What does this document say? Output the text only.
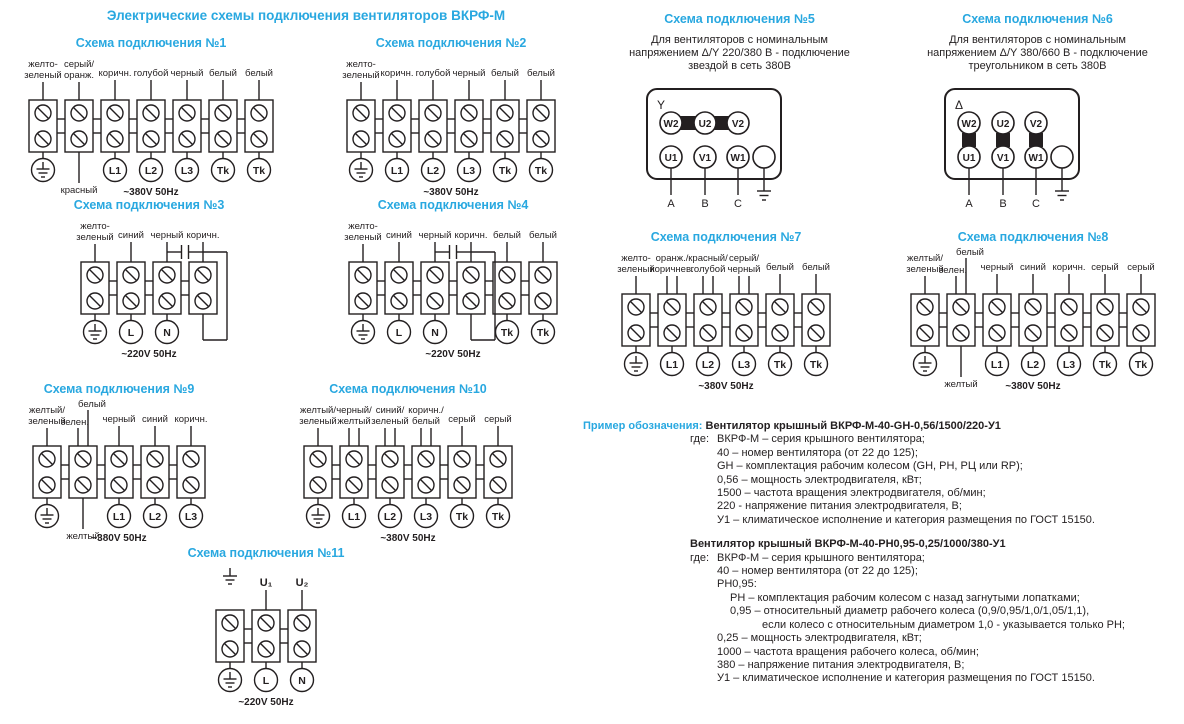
Электрические схемы подключения вентиляторов ВКРФ-М
Схема подключения №1
желто-
зеленый
серый/
оранж.
красный
коричн.
L1
голубой
L2
черный
L3
белый
Tk
белый
Tk
~380V 50Hz
Схема подключения №2
желто-
зеленый коричн.
L1
голубой
L2
черный
L3
белый
Tk
белый
Tk
~380V 50Hz
Схема подключения №3
желто-
зеленый синий
L
черный
N
коричн.
~220V 50Hz
Схема подключения №4
желто-
зеленый синий
L
черный
N
коричн. белый
Tk
белый
Tk
~220V 50Hz
Схема подключения №5
Для вентиляторов с номинальным
напряжением Δ/Y 220/380 В - подключение
звездой в сеть 380В
Y
W2 U2 V2
U1
A
V1
B
W1
C
Схема подключения №6
Для вентиляторов с номинальным
напряжением Δ/Y 380/660 В - подключение
треугольником в сеть 380В
Δ
W2 U2 V2
U1
A
V1
B
W1
C
Схема подключения №7
желто-
зеленый
оранж./
коричнев.
L1
красный/
голубой
L2
серый/
черный
L3
белый
Tk
белый
Tk
~380V 50Hz
Схема подключения №8
желтый/
зеленый
зелен.
белый
желтый
черный
L1
синий
L2
коричн.
L3
серый
Tk
серый
Tk
~380V 50Hz
Схема подключения №9
желтый/
зеленый
зелен.
белый
желтый
черный
L1
синий
L2
коричн.
L3
~380V 50Hz
Схема подключения №10
желтый/
зеленый
черный/
желтый
L1
синий/
зеленый
L2
коричн./
белый
L3
серый
Tk
серый
Tk
~380V 50Hz
Схема подключения №11
U₁
L
U₂
N
~220V 50Hz
Пример обозначения: Вентилятор крышный ВКРФ-М-40-GH-0,56/1500/220-У1
где: ВКРФ-М – серия крышного вентилятора;
40 – номер вентилятора (от 22 до 125);
GH – комплектация рабочим колесом (GH, РН, РЦ или RP);
0,56 – мощность электродвигателя, кВт;
1500 – частота вращения электродвигателя, об/мин;
220 - напряжение питания электродвигателя, В;
У1 – климатическое исполнение и категория размещения по ГОСТ 15150.
Вентилятор крышный ВКРФ-М-40-РН0,95-0,25/1000/380-У1
где: ВКРФ-М – серия крышного вентилятора;
40 – номер вентилятора (от 22 до 125);
РН0,95:
РН – комплектация рабочим колесом с назад загнутыми лопатками;
0,95 – относительный диаметр рабочего колеса (0,9/0,95/1,0/1,05/1,1),
если колесо с относительным диаметром 1,0 - указывается только РН;
0,25 – мощность электродвигателя, кВт;
1000 – частота вращения рабочего колеса, об/мин;
380 – напряжение питания электродвигателя, В;
У1 – климатическое исполнение и категория размещения по ГОСТ 15150.
